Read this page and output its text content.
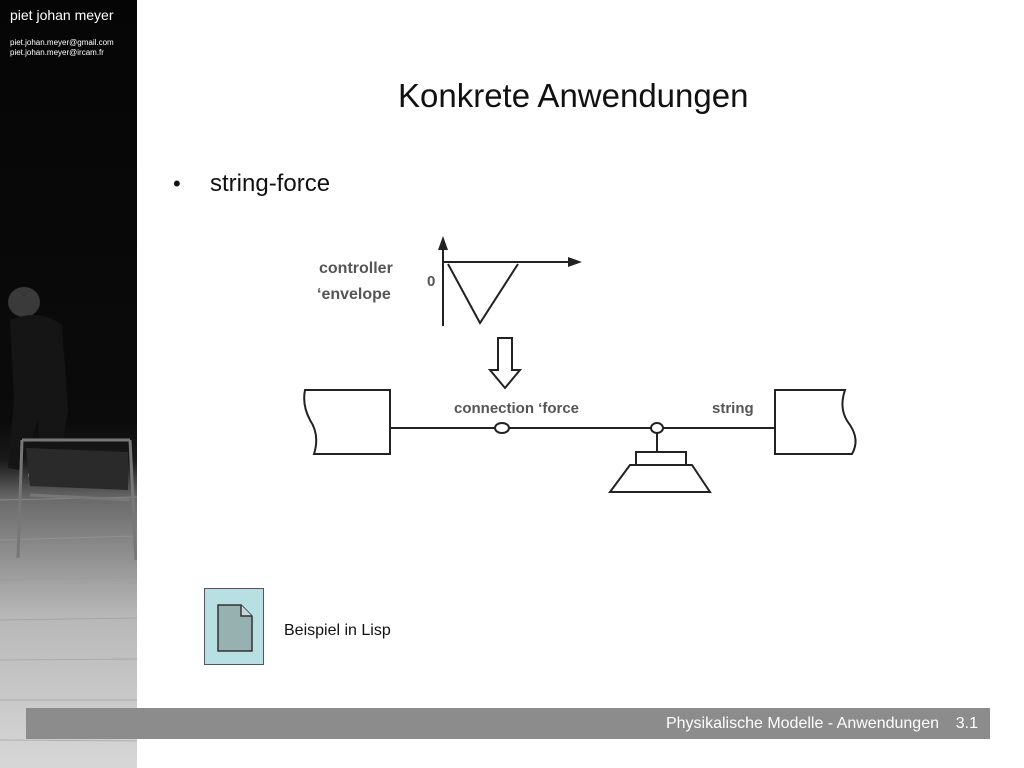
piet johan meyer
piet.johan.meyer@gmail.com
piet.johan.meyer@ircam.fr
Konkrete Anwendungen
• string-force
controller
‘envelope
0
connection ‘force	string
Beispiel in Lisp
Physikalische Modelle - Anwendungen 3.1
